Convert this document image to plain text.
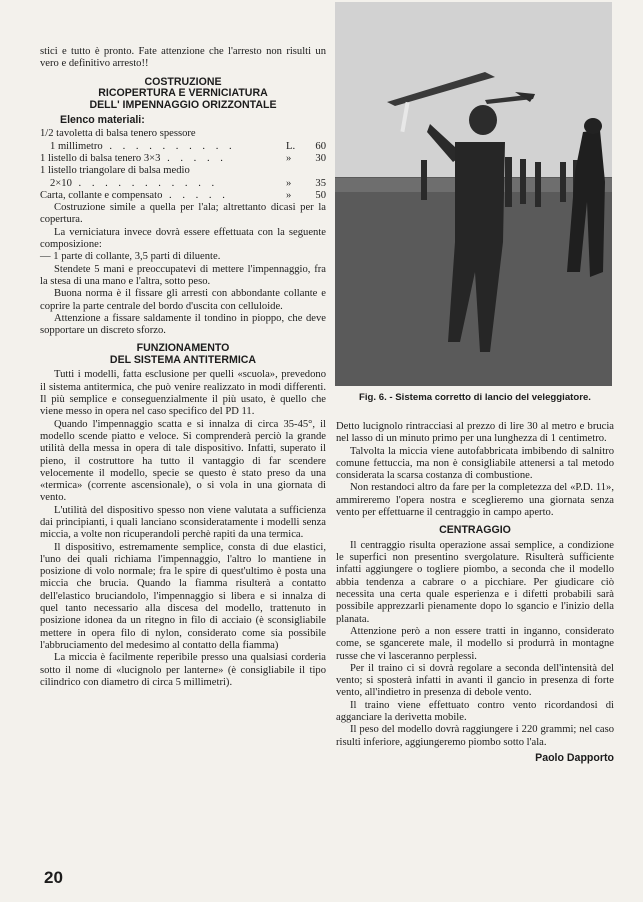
stici e tutto è pronto. Fate attenzione che l'arresto non risulti un vero e definitivo arresto!!

COSTRUZIONE
RICOPERTURA E VERNICIATURA
DELL' IMPENNAGGIO ORIZZONTALE
Elenco materiali:
1/2 tavoletta di balsa tenero spessore
1 millimetro . . . . . . . . . .	L.	60
1 listello di balsa tenero 3×3 . . . . .	»	30
1 listello triangolare di balsa medio
2×10 . . . . . . . . . . .	»	35
Carta, collante e compensato . . . . .	»	50

Costruzione simile a quella per l'ala; altrettanto dicasi per la copertura.

La verniciatura invece dovrà essere effettuata con la seguente composizione:

— 1 parte di collante, 3,5 parti di diluente.

Stendete 5 mani e preoccupatevi di mettere l'impennaggio, fra la stesa di una mano e l'altra, sotto peso.

Buona norma è il fissare gli arresti con abbondante collante e coprire la parte centrale del bordo d'uscita con celluloide.

Attenzione a fissare saldamente il tondino in pioppo, che deve sopportare un discreto sforzo.

FUNZIONAMENTO
DEL SISTEMA ANTITERMICA

Tutti i modelli, fatta esclusione per quelli «scuola», prevedono il sistema antitermica, che può venire realizzato in modi differenti. Il più semplice e conseguenzialmente il più usato, è quello che viene messo in opera nel caso specifico del PD 11.

Quando l'impennaggio scatta e si innalza di circa 35-45°, il modello scende piatto e veloce. Si comprenderà perciò la grande utilità della messa in opera di tale dispositivo. Infatti, superato il pieno, il costruttore ha tutto il vantaggio di far scendere velocemente il modello, specie se questo è stato preso da una «termica» (corrente ascensionale), o si vola in una giornata di vento.

L'utilità del dispositivo spesso non viene valutata a sufficienza dai principianti, i quali lanciano sconsideratamente i modelli senza miccia, a volte non ricuperandoli perchè rapiti da una termica.

Il dispositivo, estremamente semplice, consta di due elastici, l'uno dei quali richiama l'impennaggio, l'altro lo mantiene in posizione di volo normale; fra le spire di quest'ultimo è posta una miccia che brucia. Quando la fiamma risulterà a contatto dell'elastico bruciandolo, l'impennaggio si libera e si innalza di quel tanto necessario alla discesa del modello, trattenuto in posizione idonea da un ritegno in filo di acciaio (è sconsigliabile mettere in opera filo di nylon, considerato come sia possibile l'abbruciamento del medesimo al contatto della fiamma)

La miccia è facilmente reperibile presso una qualsiasi corderia sotto il nome di «lucignolo per lanterne» (è consigliabile il tipo cilindrico con diametro di circa 5 millimetri).

Fig. 6. - Sistema corretto di lancio del veleggiatore.

Detto lucignolo rintracciasi al prezzo di lire 30 al metro e brucia nel lasso di un minuto primo per una lunghezza di 1 centimetro.

Talvolta la miccia viene autofabbricata imbibendo di salnitro comune fettuccia, ma non è consigliabile attenersi a tal metodo considerata la scarsa costanza di combustione.

Non restandoci altro da fare per la completezza del «P.D. 11», ammireremo l'opera nostra e sceglieremo una giornata senza vento per effettuarne il centraggio in campo aperto.

CENTRAGGIO

Il centraggio risulta operazione assai semplice, a condizione le superfici non presentino svergolature. Risulterà sufficiente infatti aggiungere o togliere piombo, a seconda che il modello abbia tendenza a cabrare o a picchiare. Per giudicare ciò necessita una certa quale esperienza e i difetti probabili sarà possibile apprezzarli pienamente dopo lo sgancio e l'inizio della planata.

Attenzione però a non essere tratti in inganno, considerato come, se sgancerete male, il modello si produrrà in montagne russe che vi lasceranno perplessi.

Per il traino ci si dovrà regolare a seconda dell'intensità del vento; si sposterà infatti in avanti il gancio in presenza di forte vento, all'indietro in presenza di debole vento.

Il traino viene effettuato contro vento ricordandosi di agganciare la derivetta mobile.

Il peso del modello dovrà raggiungere i 220 grammi; nel caso risulti inferiore, aggiungeremo piombo sotto l'ala.

Paolo Dapporto
20
